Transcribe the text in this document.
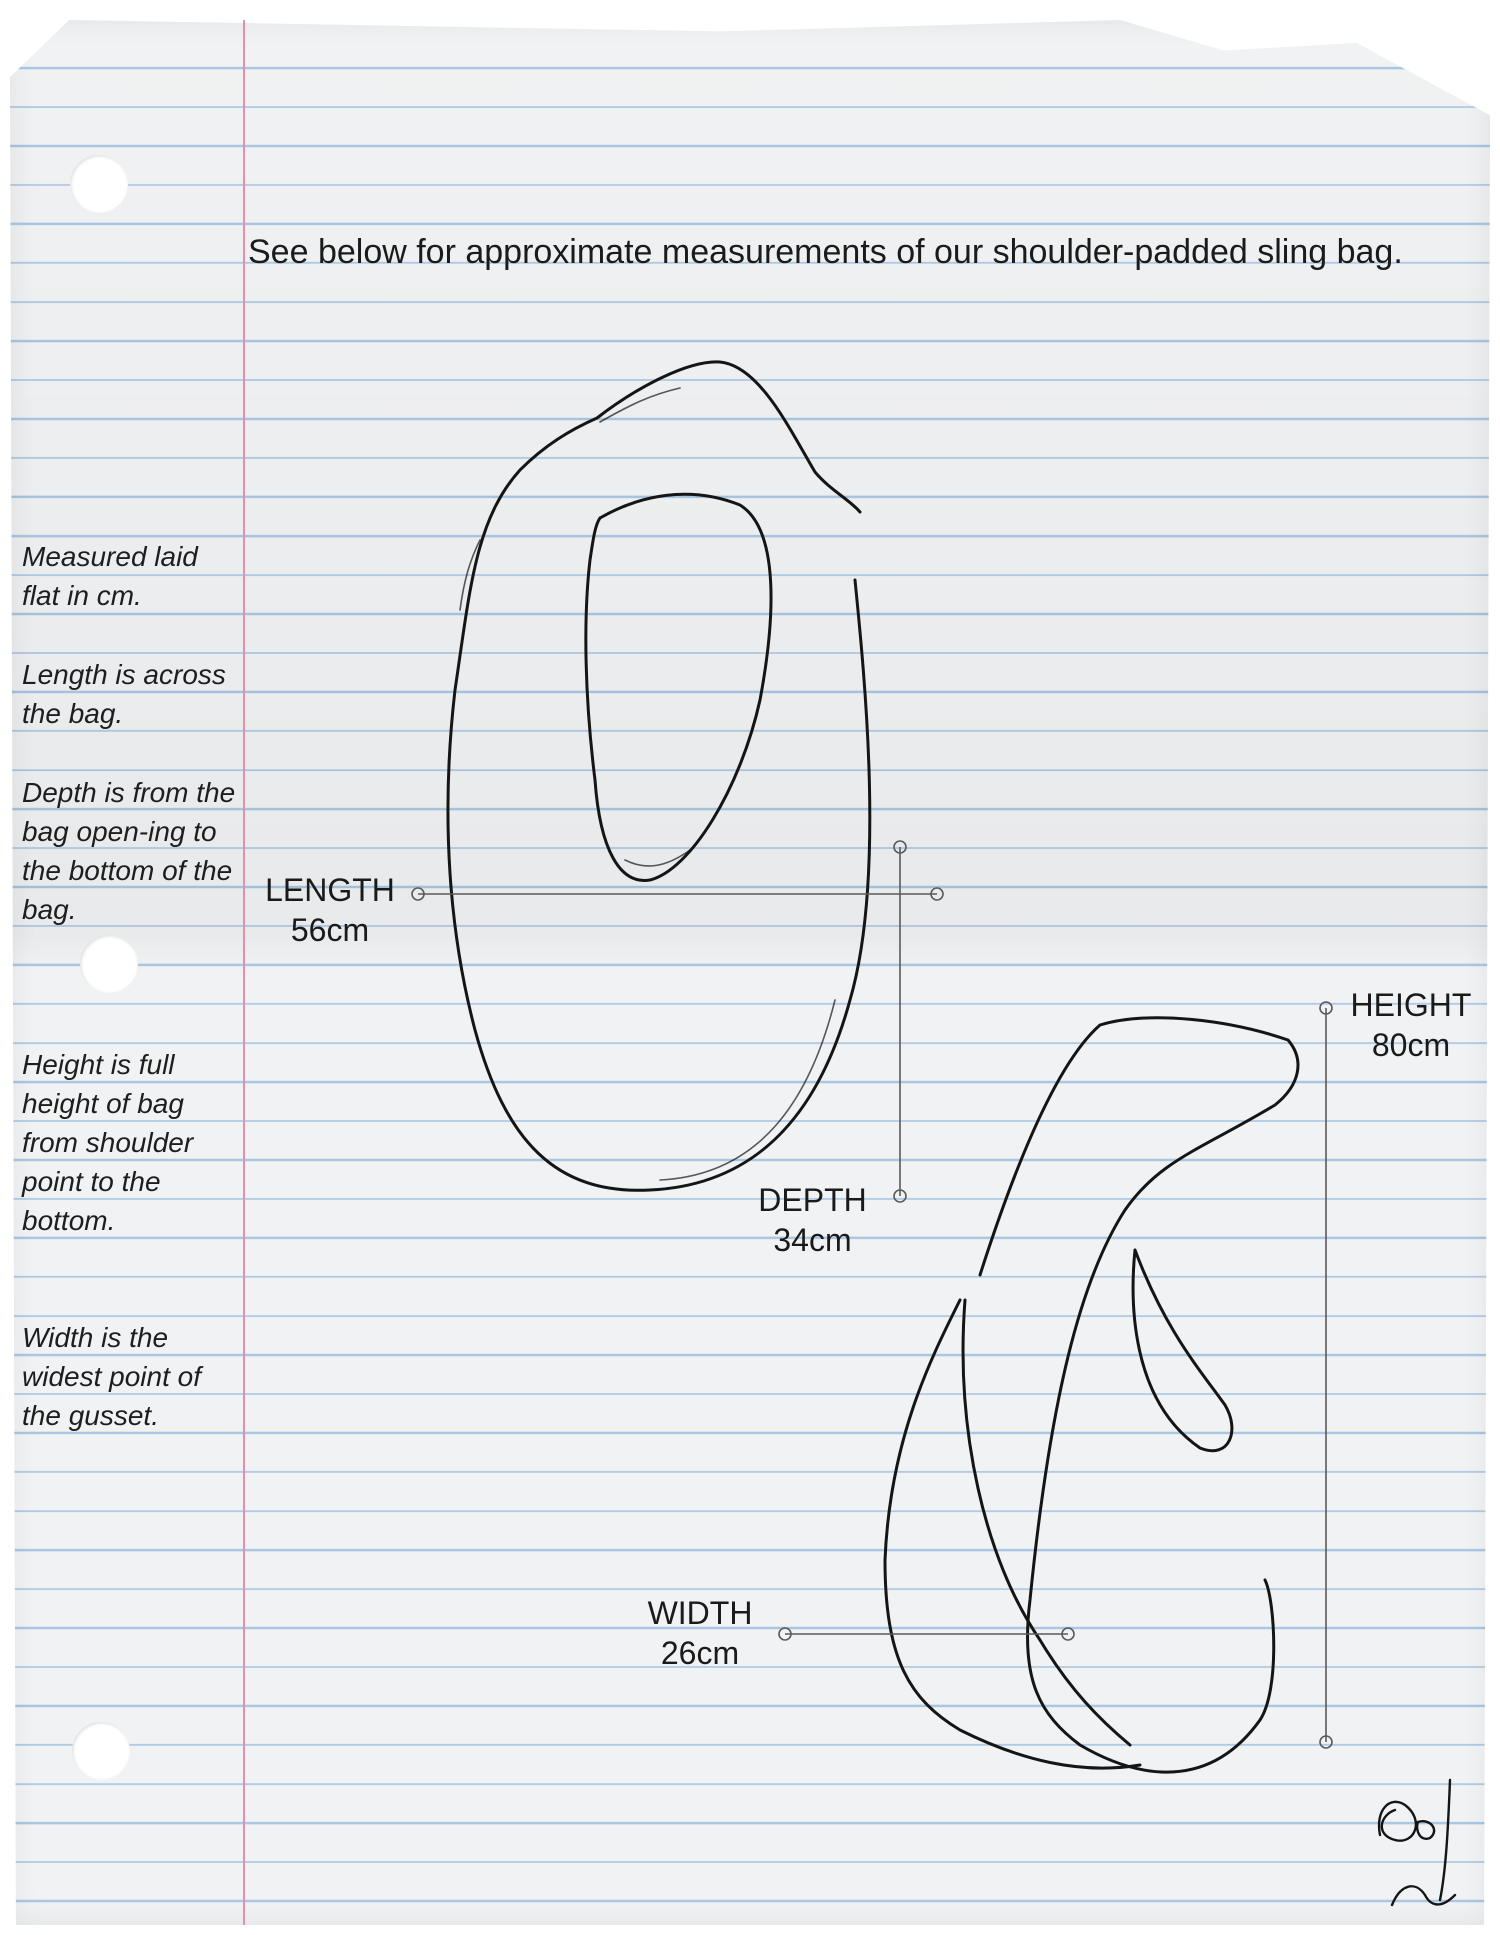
See below for approximate measurements of our shoulder-padded sling bag.

Measured laid flat in cm.

Length is across the bag.

Depth is from the bag open-ing to the bottom of the bag.

Height is full height of bag from shoulder point to the bottom.

Width is the widest point of the gusset.

LENGTH
56cm
DEPTH
34cm
HEIGHT
80cm
WIDTH
26cm
